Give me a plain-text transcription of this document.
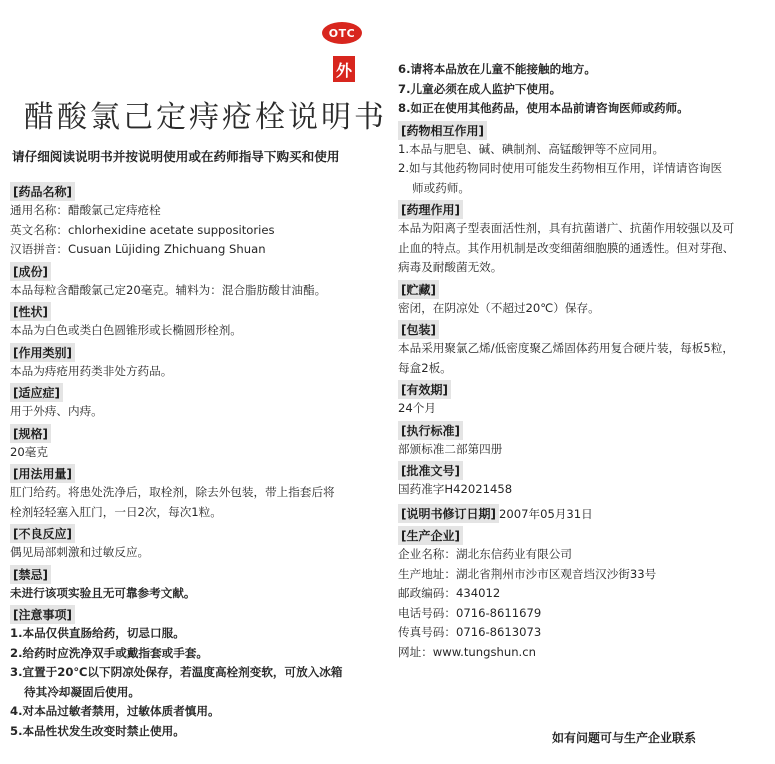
OTC
外
醋酸氯己定痔疮栓说明书
请仔细阅读说明书并按说明使用或在药师指导下购买和使用
[药品名称]
通用名称：醋酸氯己定痔疮栓
英文名称：chlorhexidine acetate suppositories
汉语拼音：Cusuan Lüjiding Zhichuang Shuan
[成份]
本品每粒含醋酸氯己定20毫克。辅料为：混合脂肪酸甘油酯。
[性状]
本品为白色或类白色圆锥形或长椭圆形栓剂。
[作用类别]
本品为痔疮用药类非处方药品。
[适应症]
用于外痔、内痔。
[规格]
20毫克
[用法用量]
肛门给药。将患处洗净后，取栓剂，除去外包装，带上指套后将
栓剂轻轻塞入肛门，一日2次，每次1粒。
[不良反应]
偶见局部刺激和过敏反应。
[禁忌]
未进行该项实验且无可靠参考文献。
[注意事项]
1.本品仅供直肠给药，切忌口服。
2.给药时应洗净双手或戴指套或手套。
3.宜置于20℃以下阴凉处保存，若温度高栓剂变软，可放入冰箱
待其冷却凝固后使用。
4.对本品过敏者禁用，过敏体质者慎用。
5.本品性状发生改变时禁止使用。
6.请将本品放在儿童不能接触的地方。
7.儿童必须在成人监护下使用。
8.如正在使用其他药品，使用本品前请咨询医师或药师。
[药物相互作用]
1.本品与肥皂、碱、碘制剂、高锰酸钾等不应同用。
2.如与其他药物同时使用可能发生药物相互作用，详情请咨询医
师或药师。
[药理作用]
本品为阳离子型表面活性剂，具有抗菌谱广、抗菌作用较强以及可
止血的特点。其作用机制是改变细菌细胞膜的通透性。但对芽孢、
病毒及耐酸菌无效。
[贮藏]
密闭，在阴凉处（不超过20℃）保存。
[包装]
本品采用聚氯乙烯/低密度聚乙烯固体药用复合硬片装，每板5粒，
每盒2板。
[有效期]
24个月
[执行标准]
部颁标准二部第四册
[批准文号]
国药准字H42021458
[说明书修订日期] 2007年05月31日
[生产企业]
企业名称：湖北东信药业有限公司
生产地址：湖北省荆州市沙市区观音垱汉沙街33号
邮政编码：434012
电话号码：0716-8611679
传真号码：0716-8613073
网址：www.tungshun.cn
如有问题可与生产企业联系
